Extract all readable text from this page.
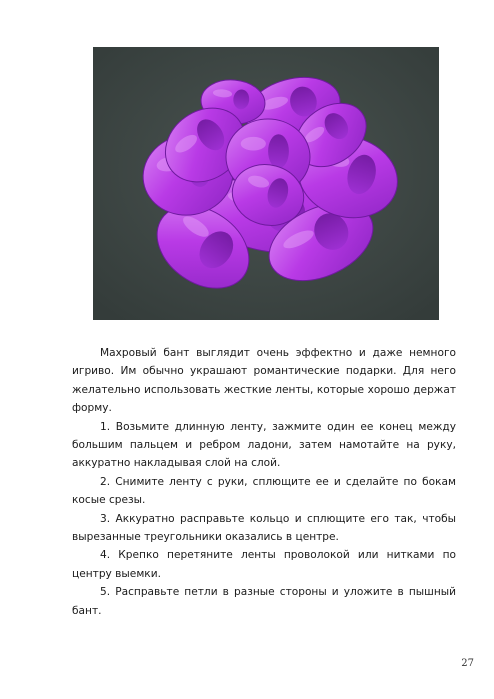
Махровый бант выглядит очень эффектно и даже немного игриво. Им обычно украшают романтические подарки. Для него желательно использовать жесткие ленты, которые хорошо держат форму.

1. Возьмите длинную ленту, зажмите один ее конец между большим пальцем и ребром ладони, затем намотайте на руку, аккуратно накладывая слой на слой.

2. Снимите ленту с руки, сплющите ее и сделайте по бокам косые срезы.

3. Аккуратно расправьте кольцо и сплющите его так, чтобы вырезанные треугольники оказались в центре.

4. Крепко перетяните ленты проволокой или нитками по центру выемки.

5. Расправьте петли в разные стороны и уложите в пышный бант.

27
